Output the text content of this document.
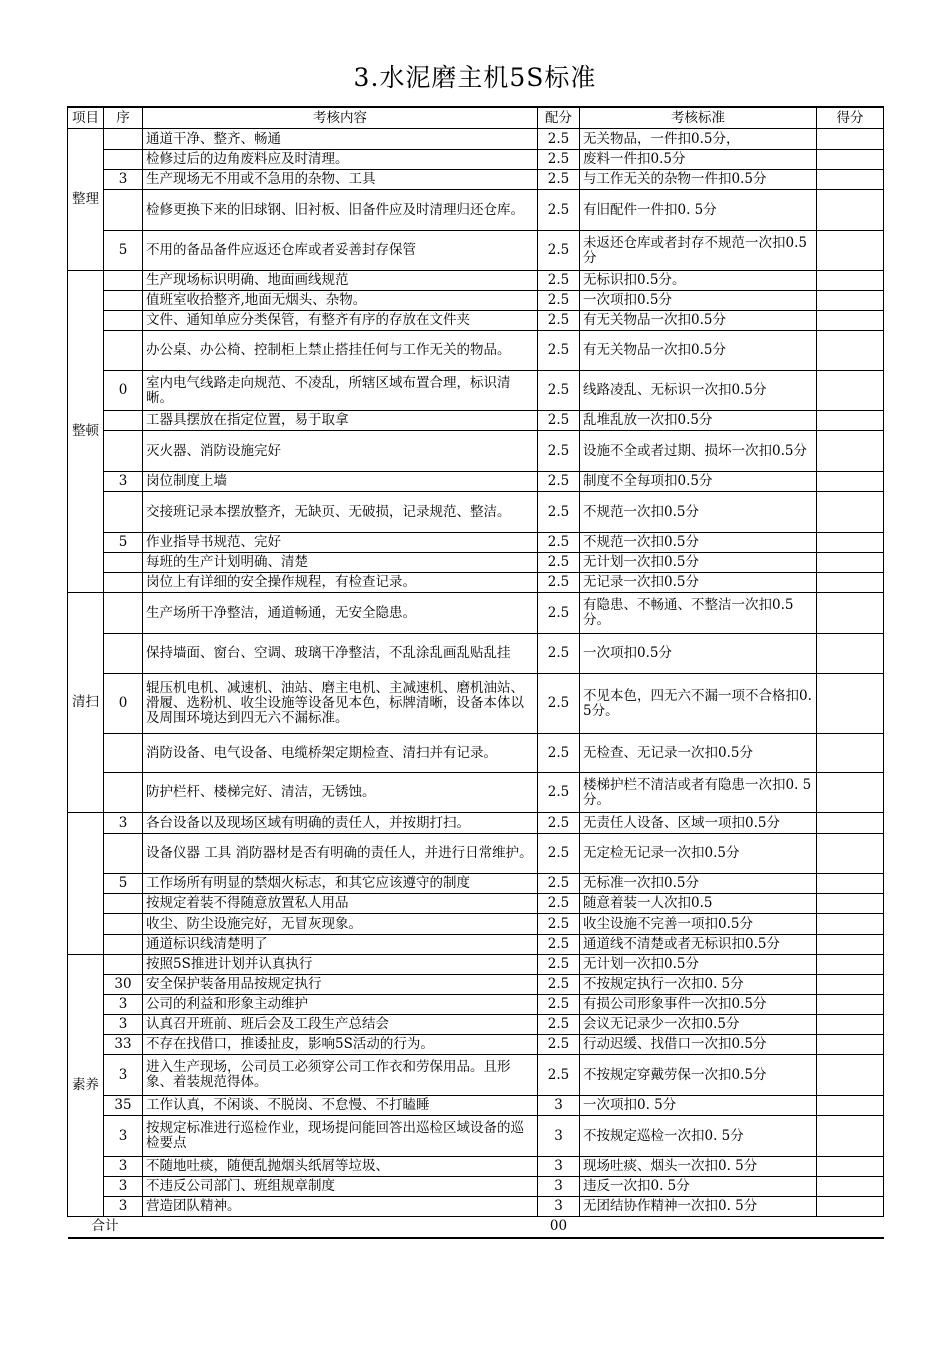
3.水泥磨主机5S标准
项目	序	考核内容	配分	考核标准	得分
整理		通道干净、整齐、畅通	2.5	无关物品，一件扣0.5分，	
		检修过后的边角废料应及时清理。	2.5	废料一件扣0.5分	
	3	生产现场无不用或不急用的杂物、工具	2.5	与工作无关的杂物一件扣0.5分	
		检修更换下来的旧球钢、旧衬板、旧备件应及时清理归还仓库。	2.5	有旧配件一件扣0. 5分	
	5	不用的备品备件应返还仓库或者妥善封存保管	2.5	未返还仓库或者封存不规范一次扣0.5分	
整顿		生产现场标识明确、地面画线规范	2.5	无标识扣0.5分。	
		值班室收拾整齐,地面无烟头、杂物。	2.5	一次项扣0.5分	
		文件、通知单应分类保管，有整齐有序的存放在文件夹	2.5	有无关物品一次扣0.5分	
		办公桌、办公椅、控制柜上禁止搭挂任何与工作无关的物品。	2.5	有无关物品一次扣0.5分	
	0	室内电气线路走向规范、不凌乱，所辖区域布置合理，标识清晰。	2.5	线路凌乱、无标识一次扣0.5分	
		工器具摆放在指定位置，易于取拿	2.5	乱堆乱放一次扣0.5分	
		灭火器、消防设施完好	2.5	设施不全或者过期、损坏一次扣0.5分	
	3	岗位制度上墙	2.5	制度不全每项扣0.5分	
		交接班记录本摆放整齐，无缺页、无破损，记录规范、整洁。	2.5	不规范一次扣0.5分	
	5	作业指导书规范、完好	2.5	不规范一次扣0.5分	
		每班的生产计划明确、清楚	2.5	无计划一次扣0.5分	
		岗位上有详细的安全操作规程，有检查记录。	2.5	无记录一次扣0.5分	
清扫		生产场所干净整洁，通道畅通，无安全隐患。	2.5	有隐患、不畅通、不整洁一次扣0.5分。	
		保持墙面、窗台、空调、玻璃干净整洁，不乱涂乱画乱贴乱挂	2.5	一次项扣0.5分	
	0	辊压机电机、减速机、油站、磨主电机、主减速机、磨机油站、滑履、选粉机、收尘设施等设备见本色，标牌清晰，设备本体以及周围环境达到四无六不漏标准。	2.5	不见本色，四无六不漏一项不合格扣0.5分。	
		消防设备、电气设备、电缆桥架定期检查、清扫并有记录。	2.5	无检查、无记录一次扣0.5分	
		防护栏杆、楼梯完好、清洁，无锈蚀。	2.5	楼梯护栏不清洁或者有隐患一次扣0. 5分。	
	3	各台设备以及现场区域有明确的责任人，并按期打扫。	2.5	无责任人设备、区域一项扣0.5分	
		设备仪器 工具 消防器材是否有明确的责任人，并进行日常维护。	2.5	无定检无记录一次扣0.5分	
	5	工作场所有明显的禁烟火标志，和其它应该遵守的制度	2.5	无标准一次扣0.5分	
		按规定着装不得随意放置私人用品	2.5	随意着装一人次扣0.5	
		收尘、防尘设施完好，无冒灰现象。	2.5	收尘设施不完善一项扣0.5分	
		通道标识线清楚明了	2.5	通道线不清楚或者无标识扣0.5分	
素养		按照5S推进计划并认真执行	2.5	无计划一次扣0.5分	
	30	安全保护装备用品按规定执行	2.5	不按规定执行一次扣0. 5分	
	3	公司的利益和形象主动维护	2.5	有损公司形象事件一次扣0.5分	
	3	认真召开班前、班后会及工段生产总结会	2.5	会议无记录少一次扣0.5分	
	33	不存在找借口，推诿扯皮，影响5S活动的行为。	2.5	行动迟缓、找借口一次扣0.5分	
	3	进入生产现场，公司员工必须穿公司工作衣和劳保用品。且形象、着装规范得体。	2.5	不按规定穿戴劳保一次扣0.5分	
	35	工作认真，不闲谈、不脱岗、不怠慢、不打瞌睡	3	一次项扣0. 5分	
	3	按规定标准进行巡检作业，现场提问能回答出巡检区域设备的巡检要点	3	不按规定巡检一次扣0. 5分	
	3	不随地吐痰，随便乱抛烟头纸屑等垃圾、	3	现场吐痰、烟头一次扣0. 5分	
	3	不违反公司部门、班组规章制度	3	违反一次扣0. 5分	
	3	营造团队精神。	3	无团结协作精神一次扣0. 5分	
合计			00		
